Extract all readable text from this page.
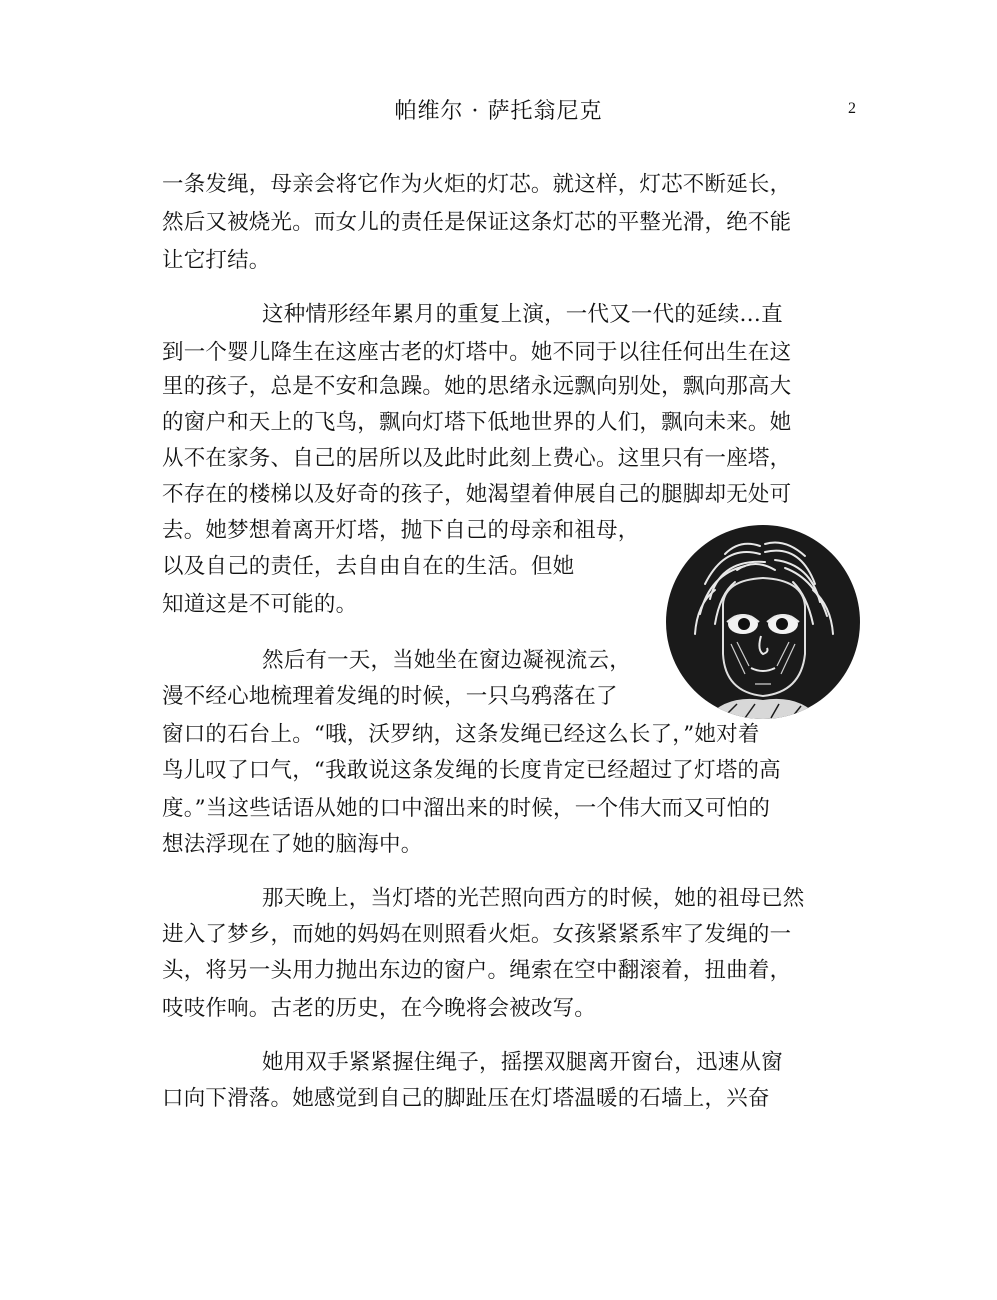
帕维尔 · 萨托翁尼克	2
一条发绳，母亲会将它作为火炬的灯芯。就这样，灯芯不断延长，
然后又被烧光。而女儿的责任是保证这条灯芯的平整光滑，绝不能
让它打结。
这种情形经年累月的重复上演，一代又一代的延续…直
到一个婴儿降生在这座古老的灯塔中。她不同于以往任何出生在这
里的孩子，总是不安和急躁。她的思绪永远飘向别处，飘向那高大
的窗户和天上的飞鸟，飘向灯塔下低地世界的人们，飘向未来。她
从不在家务、自己的居所以及此时此刻上费心。这里只有一座塔，
不存在的楼梯以及好奇的孩子，她渴望着伸展自己的腿脚却无处可
去。她梦想着离开灯塔，抛下自己的母亲和祖母，
以及自己的责任，去自由自在的生活。但她
知道这是不可能的。
然后有一天，当她坐在窗边凝视流云，
漫不经心地梳理着发绳的时候，一只乌鸦落在了
窗口的石台上。“哦，沃罗纳，这条发绳已经这么长了，”她对着
鸟儿叹了口气，“我敢说这条发绳的长度肯定已经超过了灯塔的高
度。”当这些话语从她的口中溜出来的时候，一个伟大而又可怕的
想法浮现在了她的脑海中。
那天晚上，当灯塔的光芒照向西方的时候，她的祖母已然
进入了梦乡，而她的妈妈在则照看火炬。女孩紧紧系牢了发绳的一
头，将另一头用力抛出东边的窗户。绳索在空中翻滚着，扭曲着，
吱吱作响。古老的历史，在今晚将会被改写。
她用双手紧紧握住绳子，摇摆双腿离开窗台，迅速从窗
口向下滑落。她感觉到自己的脚趾压在灯塔温暖的石墙上，兴奋
